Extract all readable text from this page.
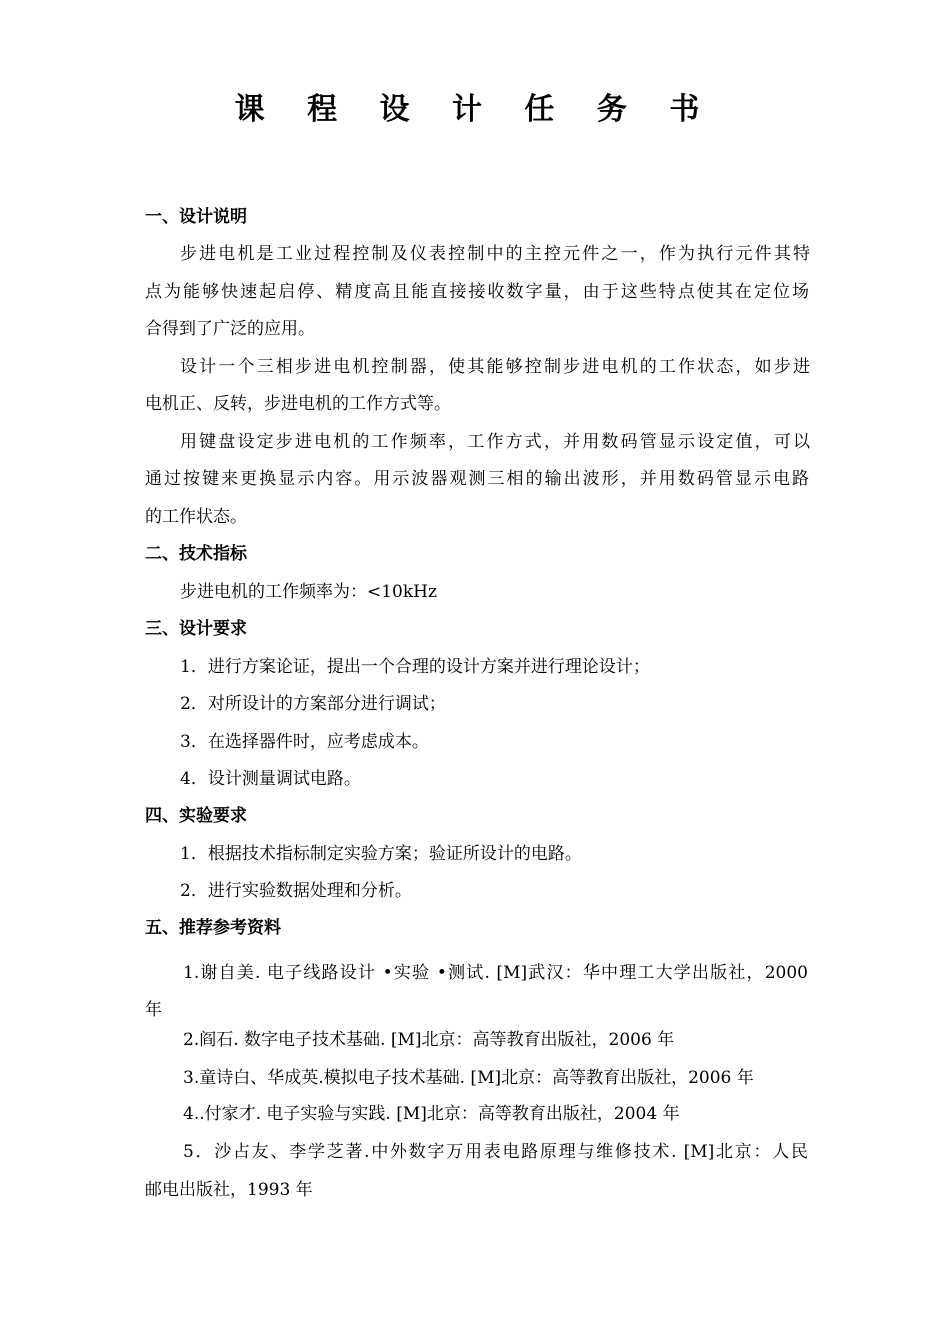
课 程 设 计 任 务 书
一、设计说明
步进电机是工业过程控制及仪表控制中的主控元件之一，作为执行元件其特
点为能够快速起启停、精度高且能直接接收数字量，由于这些特点使其在定位场
合得到了广泛的应用。
设计一个三相步进电机控制器，使其能够控制步进电机的工作状态，如步进
电机正、反转，步进电机的工作方式等。
用键盘设定步进电机的工作频率，工作方式，并用数码管显示设定值，可以
通过按键来更换显示内容。用示波器观测三相的输出波形，并用数码管显示电路
的工作状态。
二、技术指标
步进电机的工作频率为：<10kHz
三、设计要求
1．进行方案论证，提出一个合理的设计方案并进行理论设计；
2．对所设计的方案部分进行调试；
3．在选择器件时，应考虑成本。
4．设计测量调试电路。
四、实验要求
1．根据技术指标制定实验方案；验证所设计的电路。
2．进行实验数据处理和分析。
五、推荐参考资料
1.谢自美. 电子线路设计 •实验 •测试. [M]武汉：华中理工大学出版社，2000
年
2.阎石. 数字电子技术基础. [M]北京：高等教育出版社，2006 年
3.童诗白、华成英.模拟电子技术基础. [M]北京：高等教育出版社，2006 年
4..付家才. 电子实验与实践. [M]北京：高等教育出版社，2004 年
5．沙占友、李学芝著.中外数字万用表电路原理与维修技术. [M]北京：人民
邮电出版社，1993 年
